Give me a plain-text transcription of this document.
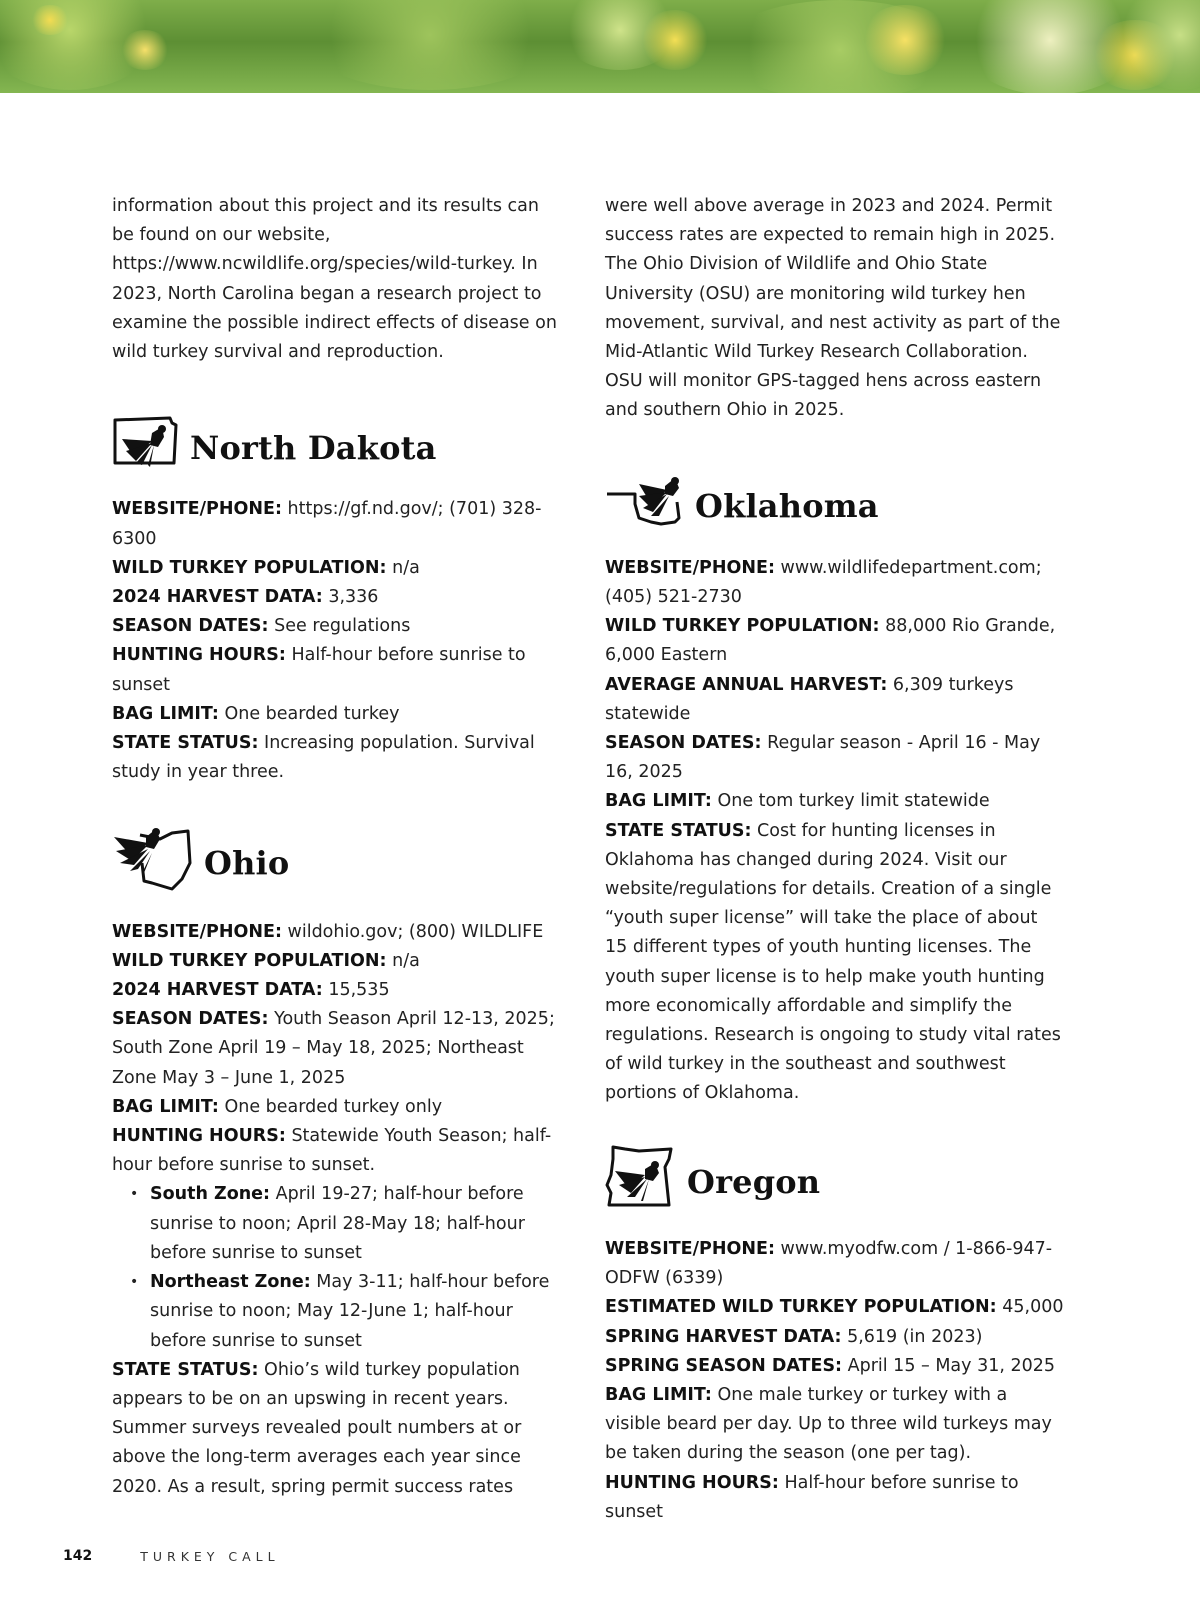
information about this project and its results can be found on our website, https://www.ncwildlife.org/species/wild-turkey. In 2023, North Carolina began a research project to examine the possible indirect effects of disease on wild turkey survival and reproduction.

North Dakota

WEBSITE/PHONE: https://gf.nd.gov/; (701) 328-6300

WILD TURKEY POPULATION: n/a

2024 HARVEST DATA: 3,336

SEASON DATES: See regulations

HUNTING HOURS: Half-hour before sunrise to sunset

BAG LIMIT: One bearded turkey

STATE STATUS: Increasing population. Survival study in year three.

Ohio

WEBSITE/PHONE: wildohio.gov; (800) WILDLIFE

WILD TURKEY POPULATION: n/a

2024 HARVEST DATA: 15,535

SEASON DATES: Youth Season April 12-13, 2025; South Zone April 19 – May 18, 2025; Northeast Zone May 3 – June 1, 2025

BAG LIMIT: One bearded turkey only

HUNTING HOURS: Statewide Youth Season; half-hour before sunrise to sunset.

• South Zone: April 19-27; half-hour before sunrise to noon; April 28-May 18; half-hour before sunrise to sunset
• Northeast Zone: May 3-11; half-hour before sunrise to noon; May 12-June 1; half-hour before sunrise to sunset

STATE STATUS: Ohio’s wild turkey population appears to be on an upswing in recent years. Summer surveys revealed poult numbers at or above the long-term averages each year since 2020. As a result, spring permit success rates

were well above average in 2023 and 2024. Permit success rates are expected to remain high in 2025. The Ohio Division of Wildlife and Ohio State University (OSU) are monitoring wild turkey hen movement, survival, and nest activity as part of the Mid-Atlantic Wild Turkey Research Collaboration. OSU will monitor GPS-tagged hens across eastern and southern Ohio in 2025.

Oklahoma

WEBSITE/PHONE: www.wildlifedepartment.com; (405) 521-2730

WILD TURKEY POPULATION: 88,000 Rio Grande, 6,000 Eastern

AVERAGE ANNUAL HARVEST: 6,309 turkeys statewide

SEASON DATES: Regular season - April 16 - May 16, 2025

BAG LIMIT: One tom turkey limit statewide

STATE STATUS: Cost for hunting licenses in Oklahoma has changed during 2024. Visit our website/regulations for details. Creation of a single “youth super license” will take the place of about 15 different types of youth hunting licenses. The youth super license is to help make youth hunting more economically affordable and simplify the regulations. Research is ongoing to study vital rates of wild turkey in the southeast and southwest portions of Oklahoma.

Oregon

WEBSITE/PHONE: www.myodfw.com / 1-866-947-ODFW (6339)

ESTIMATED WILD TURKEY POPULATION: 45,000

SPRING HARVEST DATA: 5,619 (in 2023)

SPRING SEASON DATES: April 15 – May 31, 2025

BAG LIMIT: One male turkey or turkey with a visible beard per day. Up to three wild turkeys may be taken during the season (one per tag).

HUNTING HOURS: Half-hour before sunrise to sunset

142	TURKEY CALL
